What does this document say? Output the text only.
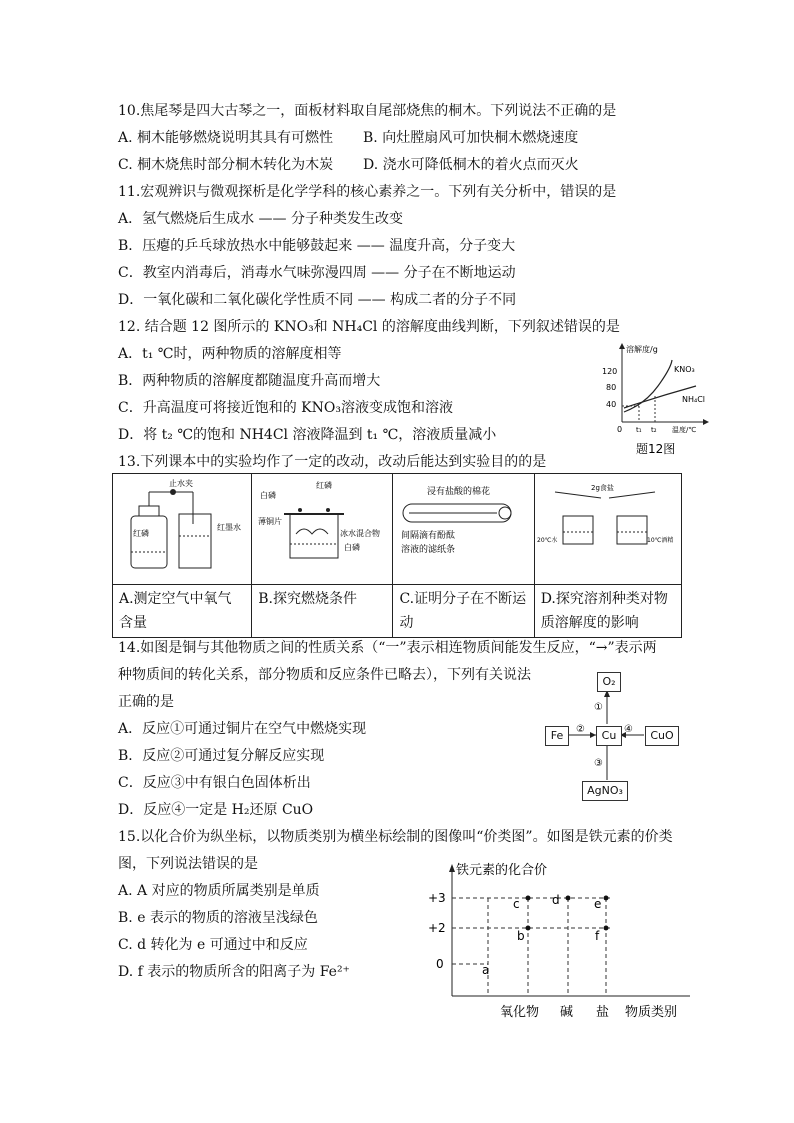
10.焦尾琴是四大古琴之一，面板材料取自尾部烧焦的桐木。下列说法不正确的是
A. 桐木能够燃烧说明其具有可燃性 B. 向灶膛扇风可加快桐木燃烧速度
C. 桐木烧焦时部分桐木转化为木炭 D. 浇水可降低桐木的着火点而灭火
11.宏观辨识与微观探析是化学学科的核心素养之一。下列有关分析中，错误的是
A．氢气燃烧后生成水 —— 分子种类发生改变
B．压瘪的乒乓球放热水中能够鼓起来 —— 温度升高，分子变大
C．教室内消毒后，消毒水气味弥漫四周 —— 分子在不断地运动
D．一氧化碳和二氧化碳化学性质不同 —— 构成二者的分子不同
12. 结合题 12 图所示的 KNO₃和 NH₄Cl 的溶解度曲线判断，下列叙述错误的是
A．t₁ ℃时，两种物质的溶解度相等
B．两种物质的溶解度都随温度升高而增大
C．升高温度可将接近饱和的 KNO₃溶液变成饱和溶液
D．将 t₂ ℃的饱和 NH4Cl 溶液降温到 t₁ ℃，溶液质量减小
溶解度/g
120
80
40
0 t₁ t₂ 温度/℃
KNO₃
NH₄Cl
题12图
13.下列课本中的实验均作了一定的改动，改动后能达到实验目的的是
止水夹
红磷
红墨水	白磷
红磷
薄铜片
冰水混合物
白磷	浸有盐酸的棉花
间隔滴有酚酞
溶液的滤纸条	2g食盐
20℃水 10℃酒精

A.测定空气中氧气含量	B.探究燃烧条件	C.证明分子在不断运动	D.探究溶剂种类对物质溶解度的影响
14.如图是铜与其他物质之间的性质关系（“一”表示相连物质间能发生反应，“→”表示两
种物质间的转化关系，部分物质和反应条件已略去），下列有关说法
正确的是
A．反应①可通过铜片在空气中燃烧实现
B．反应②可通过复分解反应实现
C．反应③中有银白色固体析出
D．反应④一定是 H₂还原 CuO
①
②
③
④
O₂
Fe	Cu	CuO
AgNO₃
15.以化合价为纵坐标，以物质类别为横坐标绘制的图像叫“价类图”。如图是铁元素的价类
图，下列说法错误的是
A. A 对应的物质所属类别是单质
B. e 表示的物质的溶液呈浅绿色
C. d 转化为 e 可通过中和反应
D. f 表示的物质所含的阳离子为 Fe²⁺
铁元素的化合价
+3
+2
0	a
b
c	d	e
f
氧化物 碱 盐 物质类别
